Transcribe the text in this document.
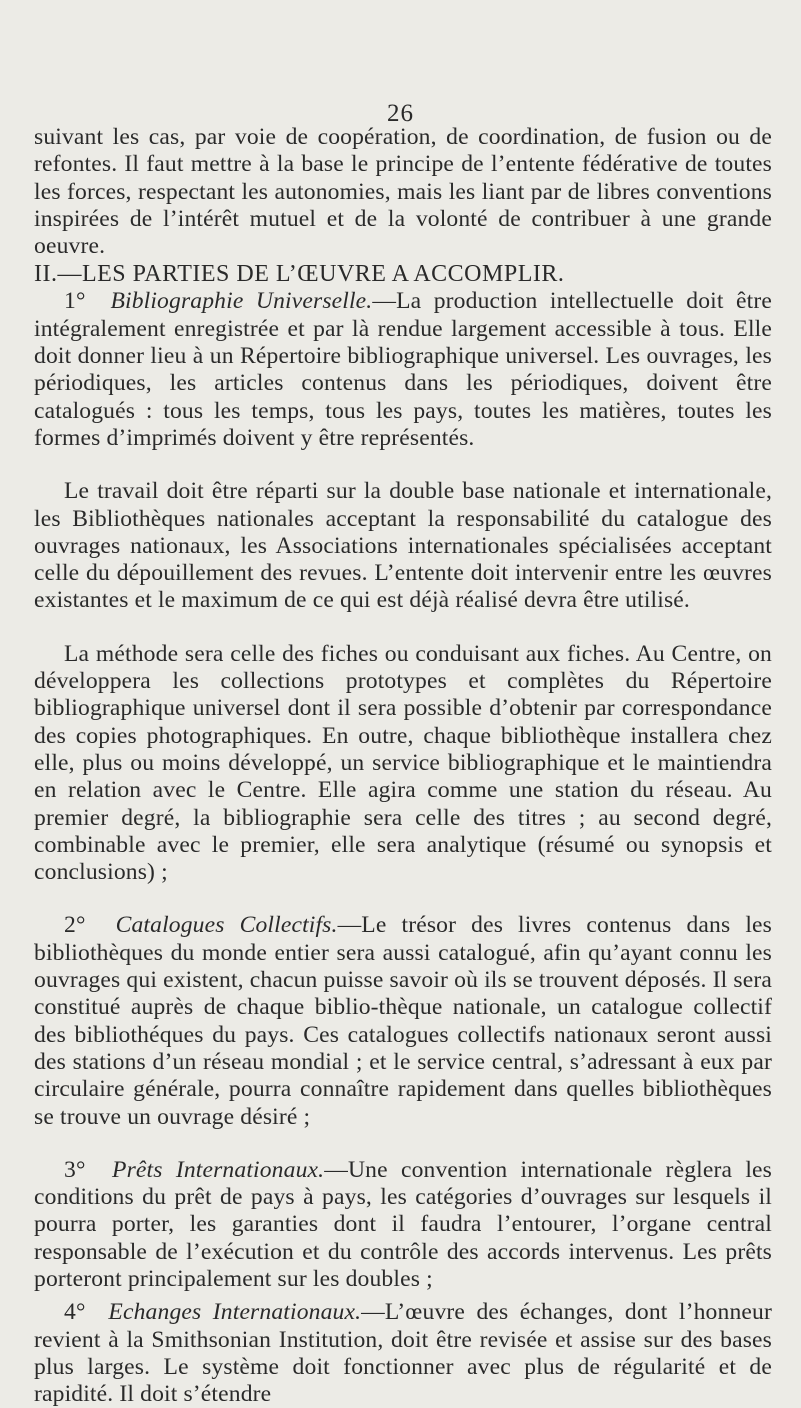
26

suivant les cas, par voie de coopération, de coordination, de fusion ou de refontes. Il faut mettre à la base le principe de l’entente fédérative de toutes les forces, respectant les autonomies, mais les liant par de libres conventions inspirées de l’intérêt mutuel et de la volonté de contribuer à une grande oeuvre.

II.—LES PARTIES DE L’ŒUVRE A ACCOMPLIR.

1° Bibliographie Universelle.—La production intellectuelle doit être intégralement enregistrée et par là rendue largement accessible à tous. Elle doit donner lieu à un Répertoire bibliographique universel. Les ouvrages, les périodiques, les articles contenus dans les périodiques, doivent être catalogués : tous les temps, tous les pays, toutes les matières, toutes les formes d’imprimés doivent y être représentés.

Le travail doit être réparti sur la double base nationale et internationale, les Bibliothèques nationales acceptant la responsabilité du catalogue des ouvrages nationaux, les Associations internationales spécialisées acceptant celle du dépouillement des revues. L’entente doit intervenir entre les œuvres existantes et le maximum de ce qui est déjà réalisé devra être utilisé.

La méthode sera celle des fiches ou conduisant aux fiches. Au Centre, on développera les collections prototypes et complètes du Répertoire bibliographique universel dont il sera possible d’obtenir par correspondance des copies photographiques. En outre, chaque bibliothèque installera chez elle, plus ou moins développé, un service bibliographique et le maintiendra en relation avec le Centre. Elle agira comme une station du réseau. Au premier degré, la bibliographie sera celle des titres ; au second degré, combinable avec le premier, elle sera analytique (résumé ou synopsis et conclusions) ;

2° Catalogues Collectifs.—Le trésor des livres contenus dans les bibliothèques du monde entier sera aussi catalogué, afin qu’ayant connu les ouvrages qui existent, chacun puisse savoir où ils se trouvent déposés. Il sera constitué auprès de chaque biblio-thèque nationale, un catalogue collectif des bibliothéques du pays. Ces catalogues collectifs nationaux seront aussi des stations d’un réseau mondial ; et le service central, s’adressant à eux par circulaire générale, pourra connaître rapidement dans quelles bibliothèques se trouve un ouvrage désiré ;

3° Prêts Internationaux.—Une convention internationale règlera les conditions du prêt de pays à pays, les catégories d’ouvrages sur lesquels il pourra porter, les garanties dont il faudra l’entourer, l’organe central responsable de l’exécution et du contrôle des accords intervenus. Les prêts porteront principalement sur les doubles ;

4° Echanges Internationaux.—L’œuvre des échanges, dont l’honneur revient à la Smithsonian Institution, doit être revisée et assise sur des bases plus larges. Le système doit fonctionner avec plus de régularité et de rapidité. Il doit s’étendre
